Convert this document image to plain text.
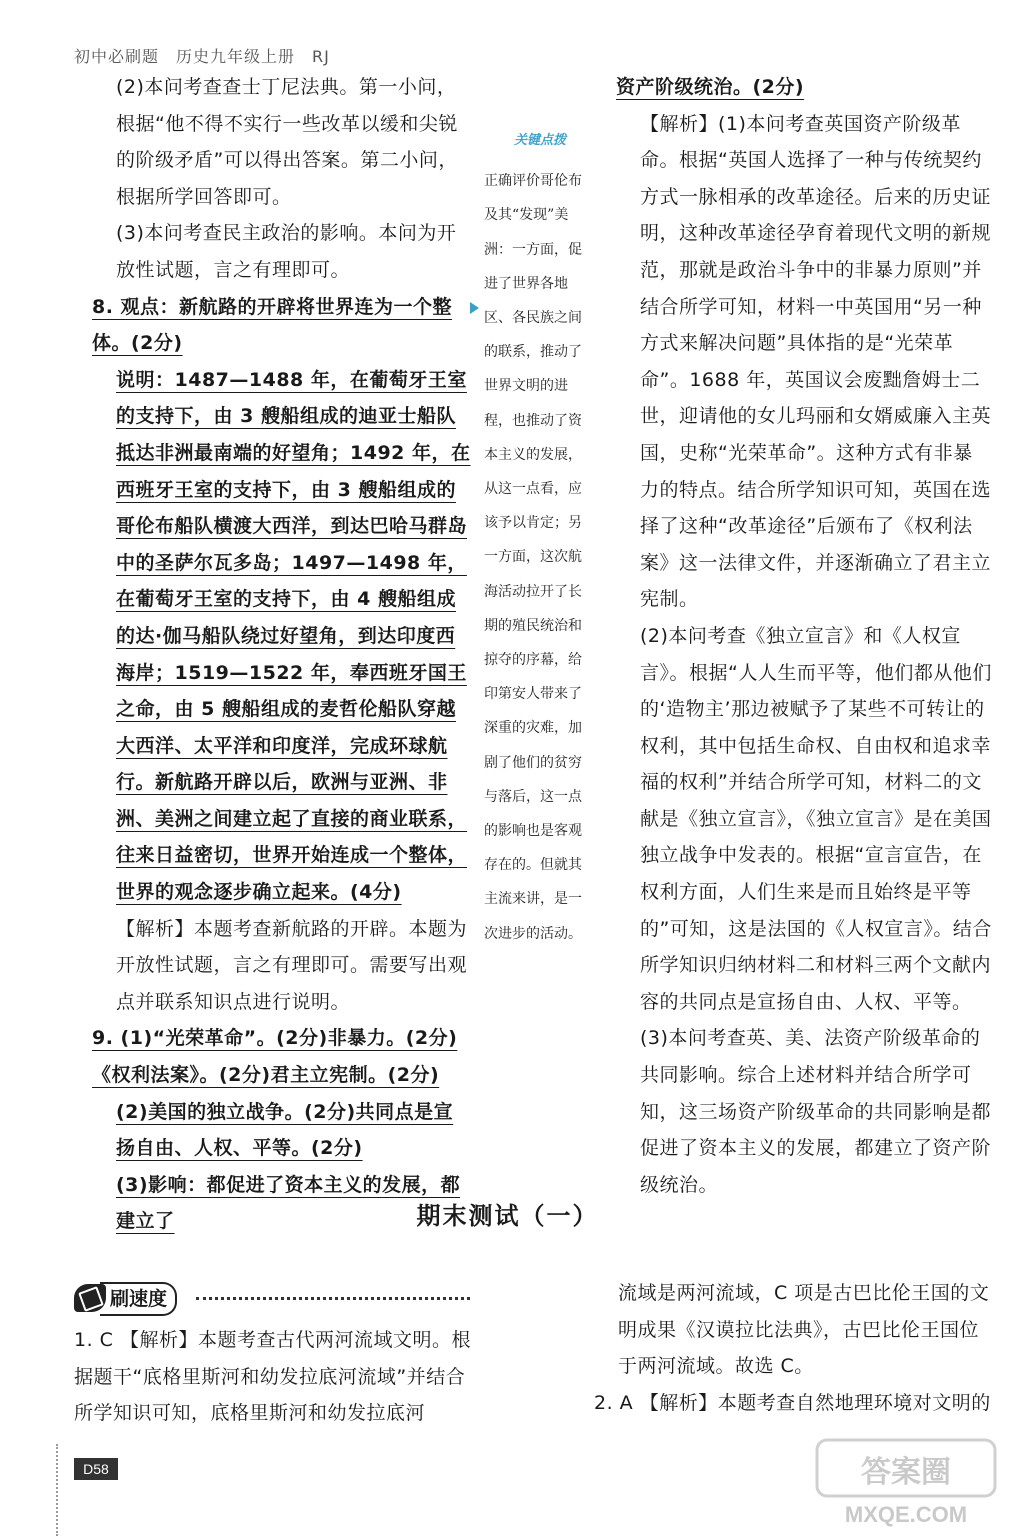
初中必刷题　历史九年级上册　RJ

(2)本问考查查士丁尼法典。第一小问，根据“他不得不实行一些改革以缓和尖锐的阶级矛盾”可以得出答案。第二小问，根据所学回答即可。

(3)本问考查民主政治的影响。本问为开放性试题，言之有理即可。

8. 观点：新航路的开辟将世界连为一个整体。(2分)

说明：1487—1488 年，在葡萄牙王室的支持下，由 3 艘船组成的迪亚士船队抵达非洲最南端的好望角；1492 年，在西班牙王室的支持下，由 3 艘船组成的哥伦布船队横渡大西洋，到达巴哈马群岛中的圣萨尔瓦多岛；1497—1498 年，在葡萄牙王室的支持下，由 4 艘船组成的达·伽马船队绕过好望角，到达印度西海岸；1519—1522 年，奉西班牙国王之命，由 5 艘船组成的麦哲伦船队穿越大西洋、太平洋和印度洋，完成环球航行。新航路开辟以后，欧洲与亚洲、非洲、美洲之间建立起了直接的商业联系，往来日益密切，世界开始连成一个整体，世界的观念逐步确立起来。(4分)

【解析】本题考查新航路的开辟。本题为开放性试题，言之有理即可。需要写出观点并联系知识点进行说明。

9. (1)“光荣革命”。(2分)非暴力。(2分)《权利法案》。(2分)君主立宪制。(2分)

(2)美国的独立战争。(2分)共同点是宣扬自由、人权、平等。(2分)

(3)影响：都促进了资本主义的发展，都建立了

关键点拨

正确评价哥伦布及其“发现”美洲：一方面，促进了世界各地区、各民族之间的联系，推动了世界文明的进程，也推动了资本主义的发展，从这一点看，应该予以肯定；另一方面，这次航海活动拉开了长期的殖民统治和掠夺的序幕，给印第安人带来了深重的灾难，加剧了他们的贫穷与落后，这一点的影响也是客观存在的。但就其主流来讲，是一次进步的活动。

资产阶级统治。(2分)

【解析】(1)本问考查英国资产阶级革命。根据“英国人选择了一种与传统契约方式一脉相承的改革途径。后来的历史证明，这种改革途径孕育着现代文明的新规范，那就是政治斗争中的非暴力原则”并结合所学可知，材料一中英国用“另一种方式来解决问题”具体指的是“光荣革命”。1688 年，英国议会废黜詹姆士二世，迎请他的女儿玛丽和女婿威廉入主英国，史称“光荣革命”。这种方式有非暴力的特点。结合所学知识可知，英国在选择了这种“改革途径”后颁布了《权利法案》这一法律文件，并逐渐确立了君主立宪制。

(2)本问考查《独立宣言》和《人权宣言》。根据“人人生而平等，他们都从他们的‘造物主’那边被赋予了某些不可转让的权利，其中包括生命权、自由权和追求幸福的权利”并结合所学可知，材料二的文献是《独立宣言》，《独立宣言》是在美国独立战争中发表的。根据“宣言宣告，在权利方面，人们生来是而且始终是平等的”可知，这是法国的《人权宣言》。结合所学知识归纳材料二和材料三两个文献内容的共同点是宣扬自由、人权、平等。

(3)本问考查英、美、法资产阶级革命的共同影响。综合上述材料并结合所学可知，这三场资产阶级革命的共同影响是都促进了资本主义的发展，都建立了资产阶级统治。

期末测试（一）
刷速度

1. C 【解析】本题考查古代两河流域文明。根据题干“底格里斯河和幼发拉底河流域”并结合所学知识可知，底格里斯河和幼发拉底河

流域是两河流域，C 项是古巴比伦王国的文明成果《汉谟拉比法典》，古巴比伦王国位于两河流域。故选 C。

2. A 【解析】本题考查自然地理环境对文明的

D58	答案圈
MXQE.COM
